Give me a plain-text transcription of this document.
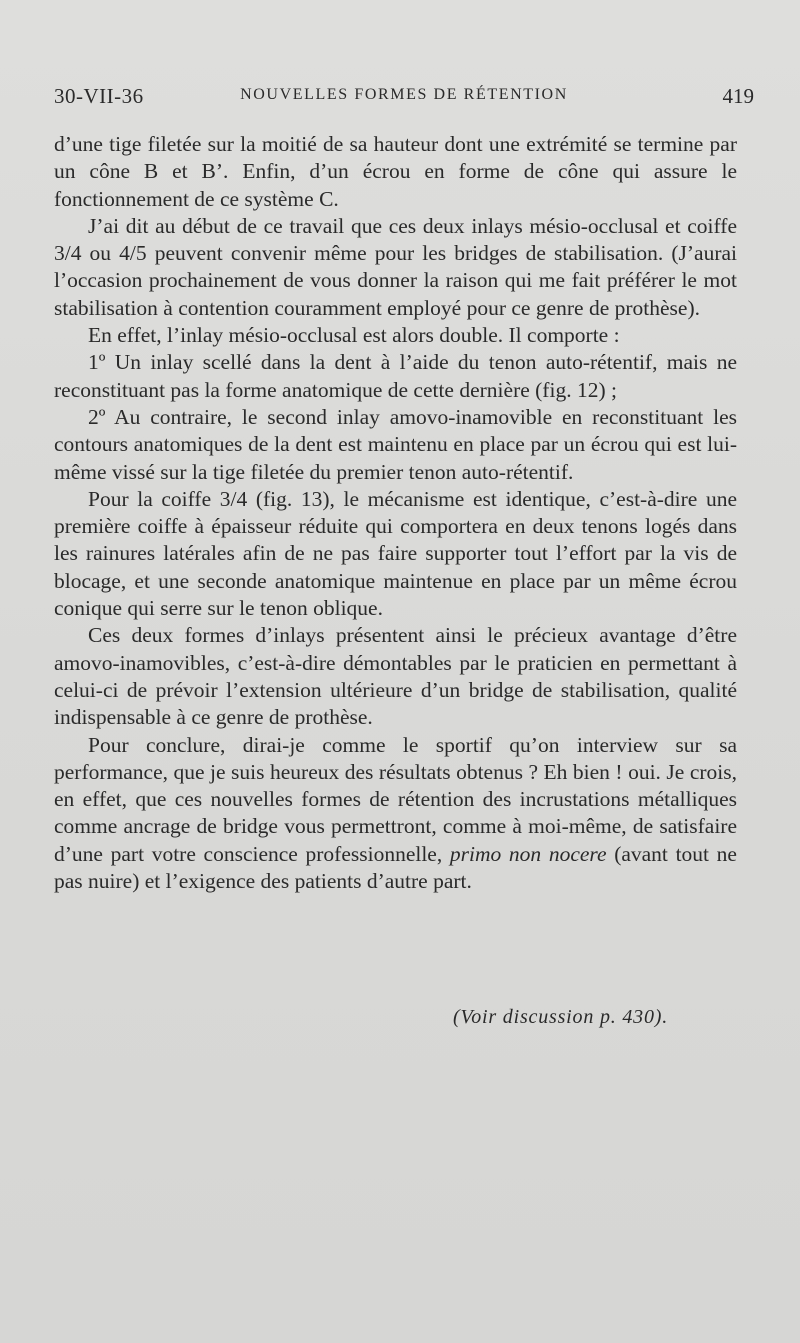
30-VII-36	NOUVELLES FORMES DE RÉTENTION	419

d’une tige filetée sur la moitié de sa hauteur dont une extrémité se termine par un cône B et B’. Enfin, d’un écrou en forme de cône qui assure le fonctionnement de ce système C.

J’ai dit au début de ce travail que ces deux inlays mésio-occlusal et coiffe 3/4 ou 4/5 peuvent convenir même pour les bridges de stabilisation. (J’aurai l’occasion prochainement de vous donner la raison qui me fait préférer le mot stabilisation à contention couramment employé pour ce genre de prothèse).

En effet, l’inlay mésio-occlusal est alors double. Il comporte :

1º Un inlay scellé dans la dent à l’aide du tenon auto-rétentif, mais ne reconstituant pas la forme anatomique de cette dernière (fig. 12) ;

2º Au contraire, le second inlay amovo-inamovible en reconstituant les contours anatomiques de la dent est maintenu en place par un écrou qui est lui-même vissé sur la tige filetée du premier tenon auto-rétentif.

Pour la coiffe 3/4 (fig. 13), le mécanisme est identique, c’est-à-dire une première coiffe à épaisseur réduite qui comportera en deux tenons logés dans les rainures latérales afin de ne pas faire supporter tout l’effort par la vis de blocage, et une seconde anatomique maintenue en place par un même écrou conique qui serre sur le tenon oblique.

Ces deux formes d’inlays présentent ainsi le précieux avantage d’être amovo-inamovibles, c’est-à-dire démontables par le praticien en permettant à celui-ci de prévoir l’extension ultérieure d’un bridge de stabilisation, qualité indispensable à ce genre de prothèse.

Pour conclure, dirai-je comme le sportif qu’on interview sur sa performance, que je suis heureux des résultats obtenus ? Eh bien ! oui. Je crois, en effet, que ces nouvelles formes de rétention des incrustations métalliques comme ancrage de bridge vous permettront, comme à moi-même, de satisfaire d’une part votre conscience professionnelle, primo non nocere (avant tout ne pas nuire) et l’exigence des patients d’autre part.

(Voir discussion p. 430).
